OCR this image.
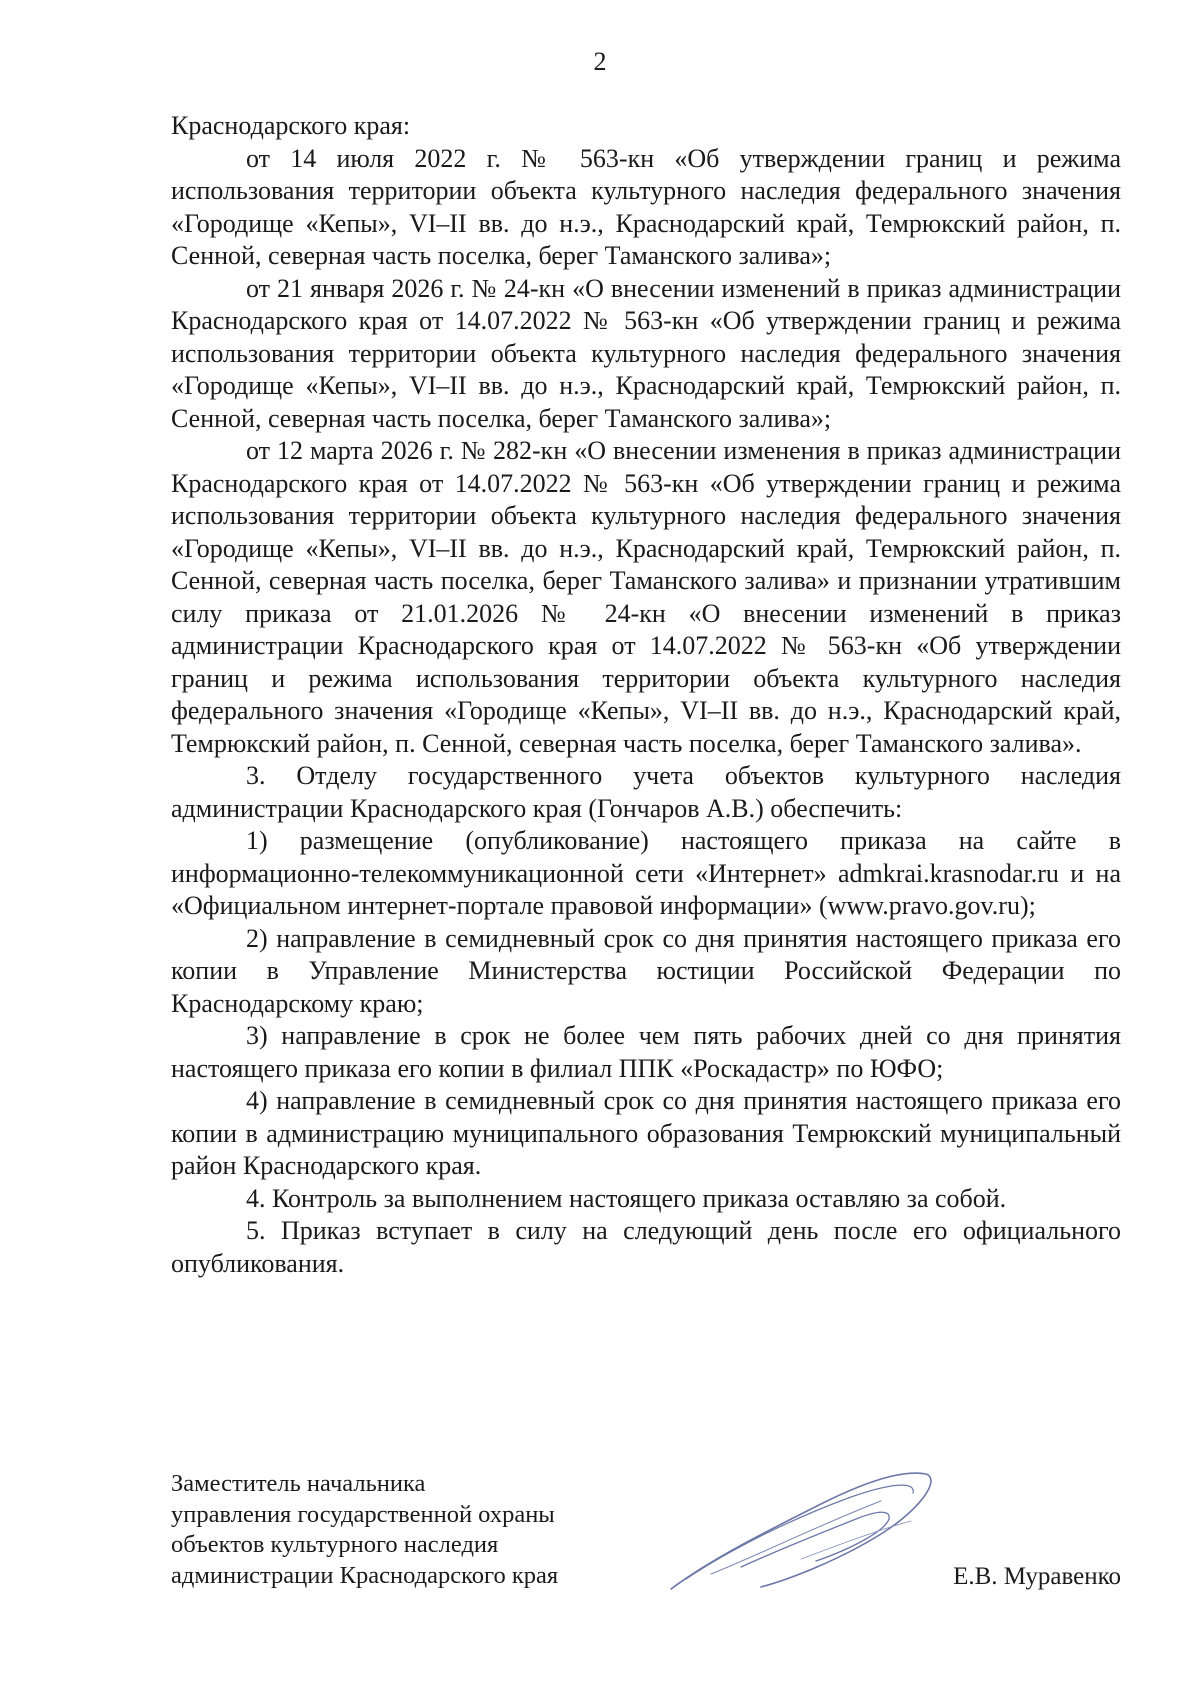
2

Краснодарского края:

от 14 июля 2022 г. № 563-кн «Об утверждении границ и режима использования территории объекта культурного наследия федерального значения «Городище «Кепы», VI–II вв. до н.э., Краснодарский край, Темрюкский район, п. Сенной, северная часть поселка, берег Таманского залива»;

от 21 января 2026 г. № 24-кн «О внесении изменений в приказ администрации Краснодарского края от 14.07.2022 № 563-кн «Об утверждении границ и режима использования территории объекта культурного наследия федерального значения «Городище «Кепы», VI–II вв. до н.э., Краснодарский край, Темрюкский район, п. Сенной, северная часть поселка, берег Таманского залива»;

от 12 марта 2026 г. № 282-кн «О внесении изменения в приказ администрации Краснодарского края от 14.07.2022 № 563-кн «Об утверждении границ и режима использования территории объекта культурного наследия федерального значения «Городище «Кепы», VI–II вв. до н.э., Краснодарский край, Темрюкский район, п. Сенной, северная часть поселка, берег Таманского залива» и признании утратившим силу приказа от 21.01.2026 № 24-кн «О внесении изменений в приказ администрации Краснодарского края от 14.07.2022 № 563-кн «Об утверждении границ и режима использования территории объекта культурного наследия федерального значения «Городище «Кепы», VI–II вв. до н.э., Краснодарский край, Темрюкский район, п. Сенной, северная часть поселка, берег Таманского залива».

3. Отделу государственного учета объектов культурного наследия администрации Краснодарского края (Гончаров А.В.) обеспечить:

1) размещение (опубликование) настоящего приказа на сайте в информационно-телекоммуникационной сети «Интернет» admkrai.krasnodar.ru и на «Официальном интернет-портале правовой информации» (www.pravo.gov.ru);

2) направление в семидневный срок со дня принятия настоящего приказа его копии в Управление Министерства юстиции Российской Федерации по Краснодарскому краю;

3) направление в срок не более чем пять рабочих дней со дня принятия настоящего приказа его копии в филиал ППК «Роскадастр» по ЮФО;

4) направление в семидневный срок со дня принятия настоящего приказа его копии в администрацию муниципального образования Темрюкский муниципальный район Краснодарского края.

4. Контроль за выполнением настоящего приказа оставляю за собой.

5. Приказ вступает в силу на следующий день после его официального опубликования.

Заместитель начальника
управления государственной охраны
объектов культурного наследия
администрации Краснодарского края	Е.В. Муравенко
